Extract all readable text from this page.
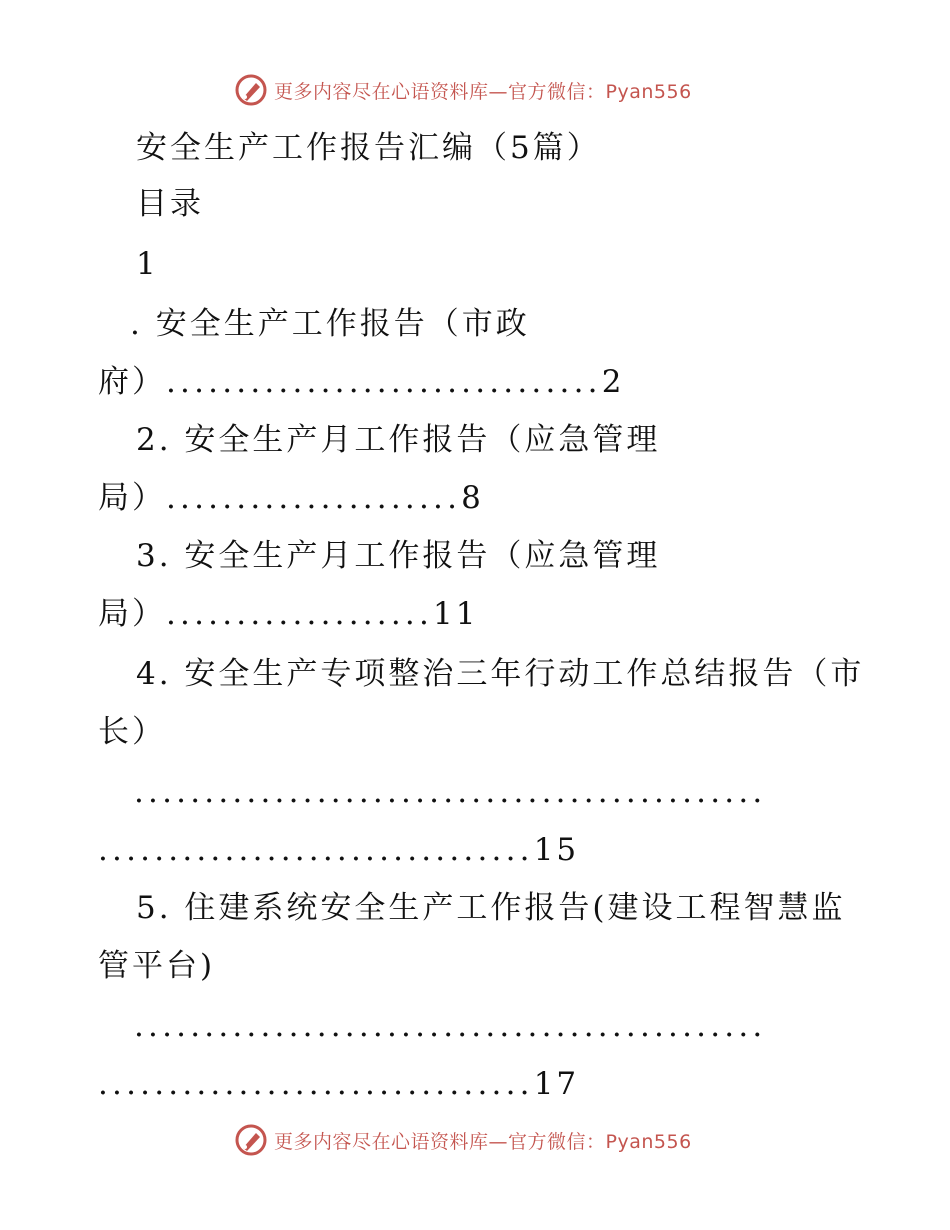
更多内容尽在心语资料库—官方微信：Pyan556
安全生产工作报告汇编（5篇）
目录
1
. 安全生产工作报告（市政
府）...............................2
2. 安全生产月工作报告（应急管理
局）.....................8
3. 安全生产月工作报告（应急管理
局）...................11
4. 安全生产专项整治三年行动工作总结报告（市
长）
.............................................
...............................15
5. 住建系统安全生产工作报告(建设工程智慧监
管平台)
.............................................
...............................17
更多内容尽在心语资料库—官方微信：Pyan556
